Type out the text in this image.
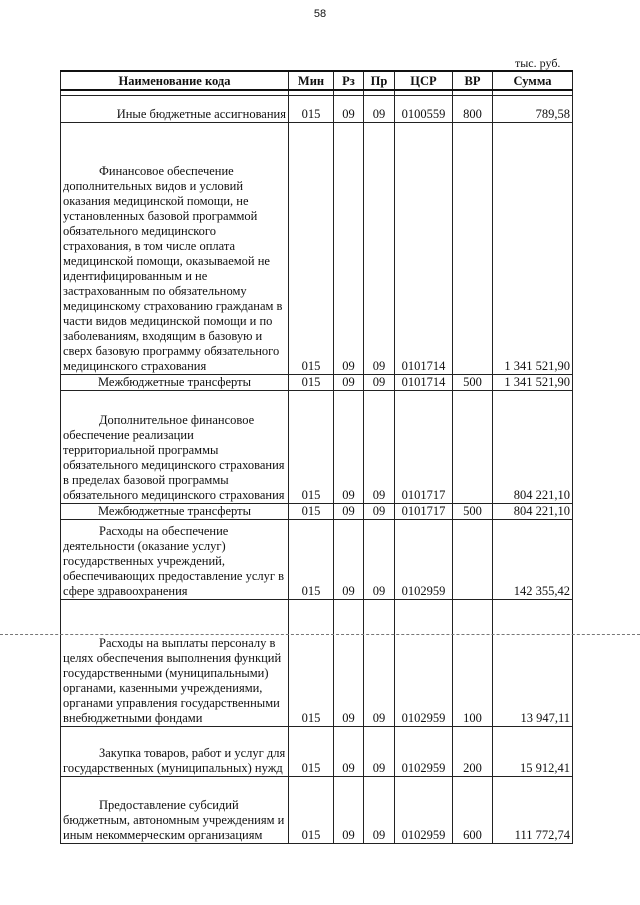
58
тыс. руб.
Наименование кода	Мин	Рз	Пр	ЦСР	ВР	Сумма

Иные бюджетные ассигнования	015	09	09	0100559	800	789,58

Финансовое обеспечение дополнительных видов и условий оказания медицинской помощи, не установленных базовой программой обязательного медицинского страхования, в том числе оплата медицинской помощи, оказываемой не идентифицированным и не застрахованным по обязательному медицинскому страхованию гражданам в части видов медицинской помощи и по заболеваниям, входящим в базовую и сверх базовую программу обязательного медицинского страхования	015	09	09	0101714		1 341 521,90
Межбюджетные трансферты	015	09	09	0101714	500	1 341 521,90

Дополнительное финансовое обеспечение реализации территориальной программы обязательного медицинского страхования в пределах базовой программы обязательного медицинского страхования	015	09	09	0101717		804 221,10
Межбюджетные трансферты	015	09	09	0101717	500	804 221,10

Расходы на обеспечение деятельности (оказание услуг) государственных учреждений, обеспечивающих предоставление услуг в сфере здравоохранения	015	09	09	0102959		142 355,42

Расходы на выплаты персоналу в целях обеспечения выполнения функций государственными (муниципальными) органами, казенными учреждениями, органами управления государственными внебюджетными фондами	015	09	09	0102959	100	13 947,11

Закупка товаров, работ и услуг для государственных (муниципальных) нужд	015	09	09	0102959	200	15 912,41

Предоставление субсидий бюджетным, автономным учреждениям и иным некоммерческим организациям	015	09	09	0102959	600	111 772,74
